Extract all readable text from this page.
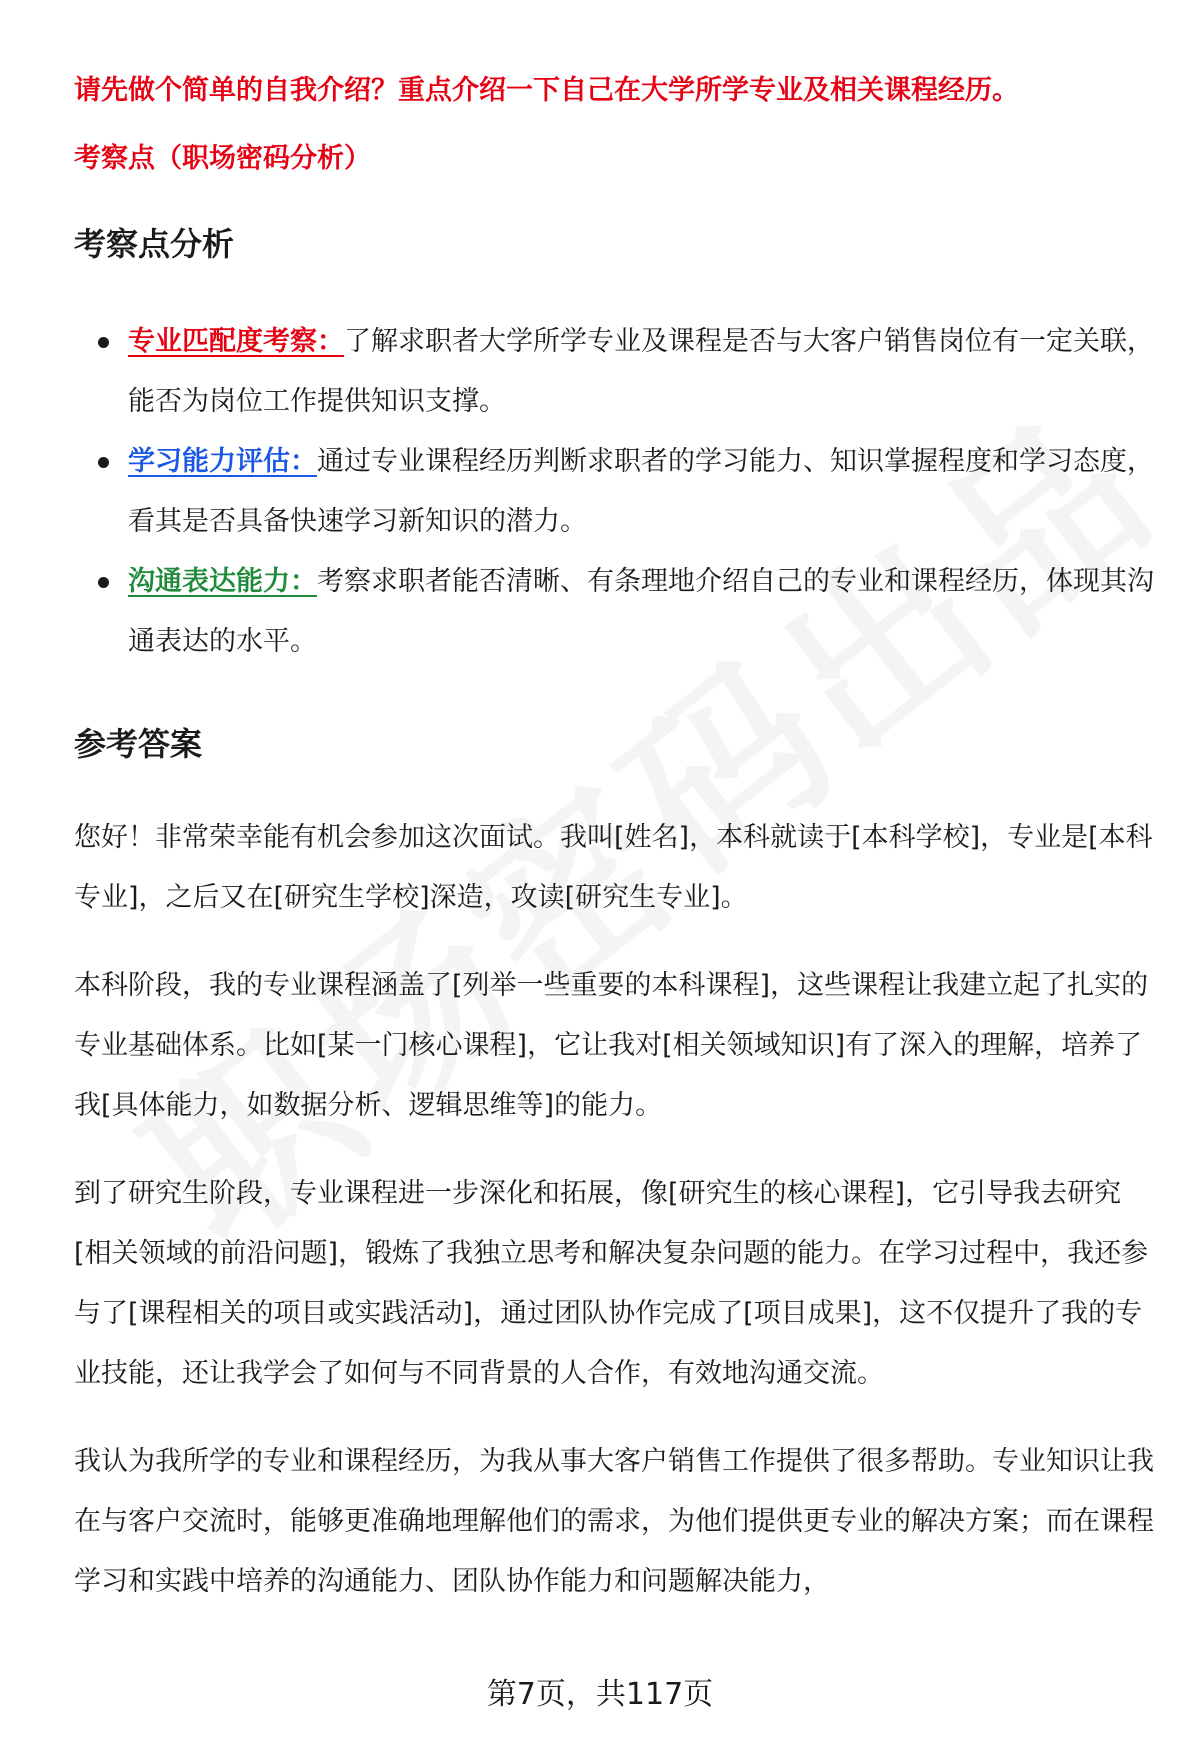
请先做个简单的自我介绍？重点介绍一下自己在大学所学专业及相关课程经历。
考察点（职场密码分析）
考察点分析
专业匹配度考察：了解求职者大学所学专业及课程是否与大客户销售岗位有一定关联，能否为岗位工作提供知识支撑。
学习能力评估：通过专业课程经历判断求职者的学习能力、知识掌握程度和学习态度，看其是否具备快速学习新知识的潜力。
沟通表达能力：考察求职者能否清晰、有条理地介绍自己的专业和课程经历，体现其沟通表达的水平。
参考答案

您好！非常荣幸能有机会参加这次面试。我叫[姓名]，本科就读于[本科学校]，专业是[本科专业]，之后又在[研究生学校]深造，攻读[研究生专业]。

本科阶段，我的专业课程涵盖了[列举一些重要的本科课程]，这些课程让我建立起了扎实的专业基础体系。比如[某一门核心课程]，它让我对[相关领域知识]有了深入的理解，培养了我[具体能力，如数据分析、逻辑思维等]的能力。

到了研究生阶段，专业课程进一步深化和拓展，像[研究生的核心课程]，它引导我去研究[相关领域的前沿问题]，锻炼了我独立思考和解决复杂问题的能力。在学习过程中，我还参与了[课程相关的项目或实践活动]，通过团队协作完成了[项目成果]，这不仅提升了我的专业技能，还让我学会了如何与不同背景的人合作，有效地沟通交流。

我认为我所学的专业和课程经历，为我从事大客户销售工作提供了很多帮助。专业知识让我在与客户交流时，能够更准确地理解他们的需求，为他们提供更专业的解决方案；而在课程学习和实践中培养的沟通能力、团队协作能力和问题解决能力，

第7页，共117页
